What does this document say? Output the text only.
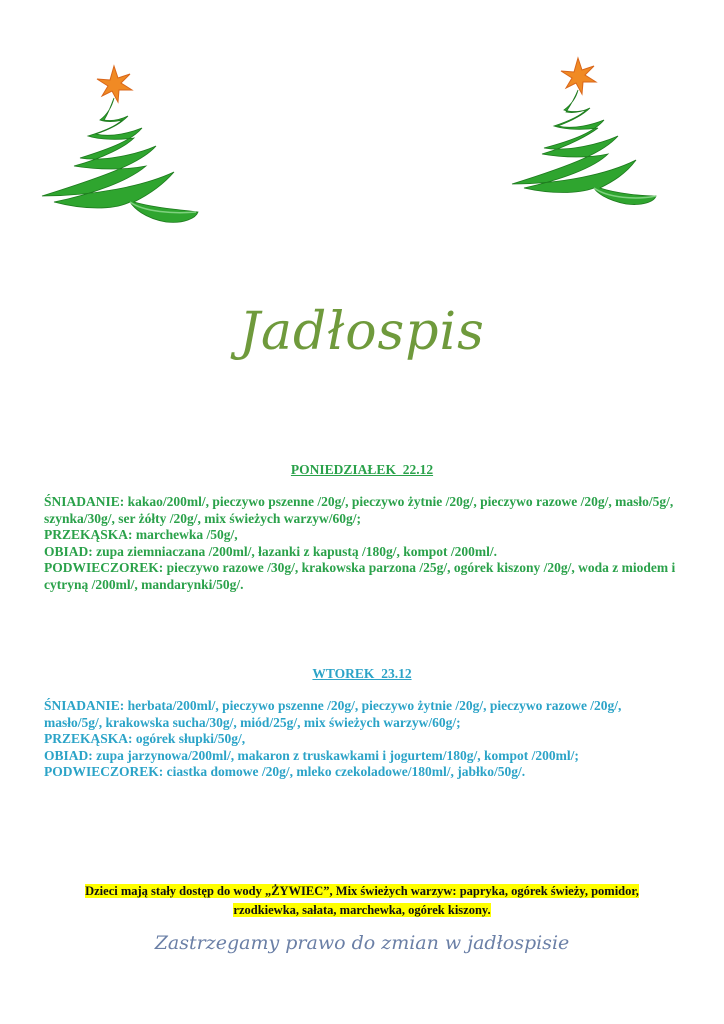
Jadłospis
PONIEDZIAŁEK  22.12

ŚNIADANIE: kakao/200ml/, pieczywo pszenne /20g/, pieczywo żytnie /20g/, pieczywo razowe /20g/, masło/5g/, szynka/30g/, ser żółty /20g/, mix świeżych warzyw/60g/;

PRZEKĄSKA: marchewka /50g/,

OBIAD: zupa ziemniaczana /200ml/, łazanki z kapustą /180g/, kompot /200ml/.

PODWIECZOREK: pieczywo razowe /30g/, krakowska parzona /25g/, ogórek kiszony /20g/, woda z miodem i cytryną /200ml/, mandarynki/50g/.

WTOREK  23.12

ŚNIADANIE: herbata/200ml/, pieczywo pszenne /20g/, pieczywo żytnie /20g/, pieczywo razowe /20g/, masło/5g/, krakowska sucha/30g/, miód/25g/, mix świeżych warzyw/60g/;

PRZEKĄSKA: ogórek słupki/50g/,

OBIAD: zupa jarzynowa/200ml/, makaron z truskawkami i jogurtem/180g/, kompot /200ml/;

PODWIECZOREK: ciastka domowe /20g/, mleko czekoladowe/180ml/, jabłko/50g/.

Dzieci mają stały dostęp do wody „ŻYWIEC”, Mix świeżych warzyw: papryka, ogórek świeży, pomidor,
rzodkiewka, sałata, marchewka, ogórek kiszony.
Zastrzegamy prawo do zmian w jadłospisie
